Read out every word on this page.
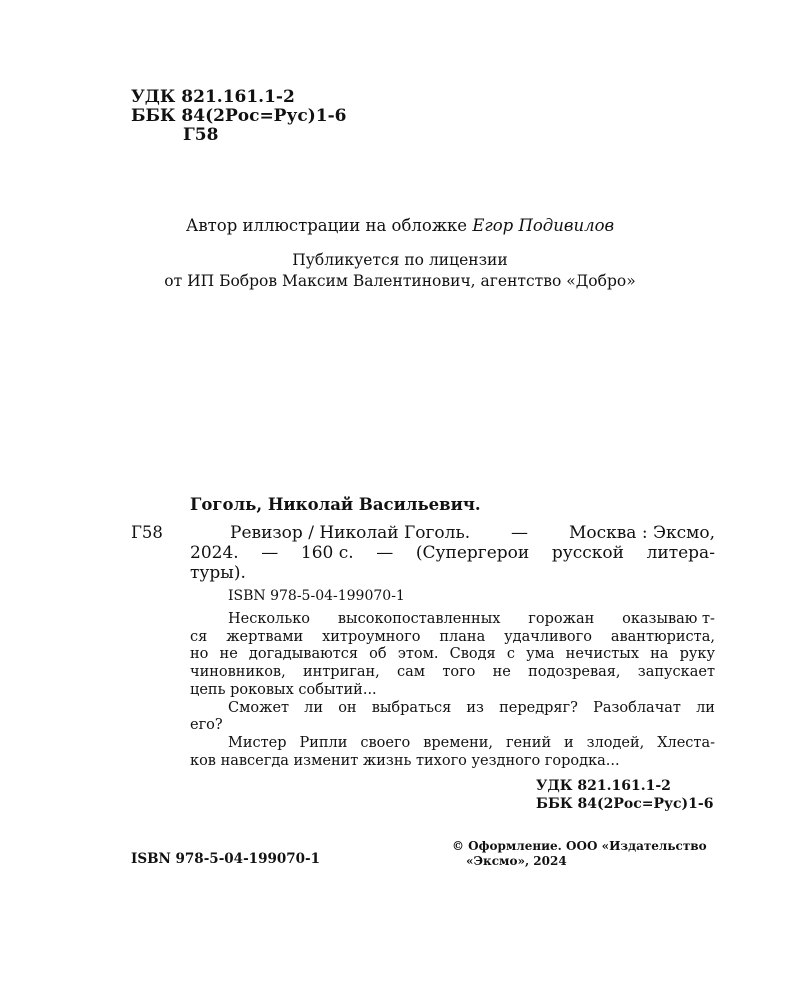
УДК 821.161.1-2
ББК 84(2Рос=Рус)1-6
Г58
Автор иллюстрации на обложке Егор Подивилов
Публикуется по лицензии
от ИП Бобров Максим Валентинович, агентство «Добро»
Гоголь, Николай Васильевич.
Г58	Ревизор / Николай Гоголь. — Москва : Эксмо,
2024. — 160 с. — (Супергерои русской литера-
туры).
ISBN 978-5-04-199070-1
Несколько высокопоставленных горожан оказываю т-
ся жертвами хитроумного плана удачливого авантюриста,
но не догадываются об этом. Сводя с ума нечистых на руку
чиновников, интриган, сам того не подозревая, запускает
цепь роковых событий...
Сможет ли он выбраться из передряг? Разоблачат ли
его?
Мистер Рипли своего времени, гений и злодей, Хлеста-
ков навсегда изменит жизнь тихого уездного городка...
УДК 821.161.1-2
ББК 84(2Рос=Рус)1-6
© Оформление. ООО «Издательство
«Эксмо», 2024
ISBN 978-5-04-199070-1
